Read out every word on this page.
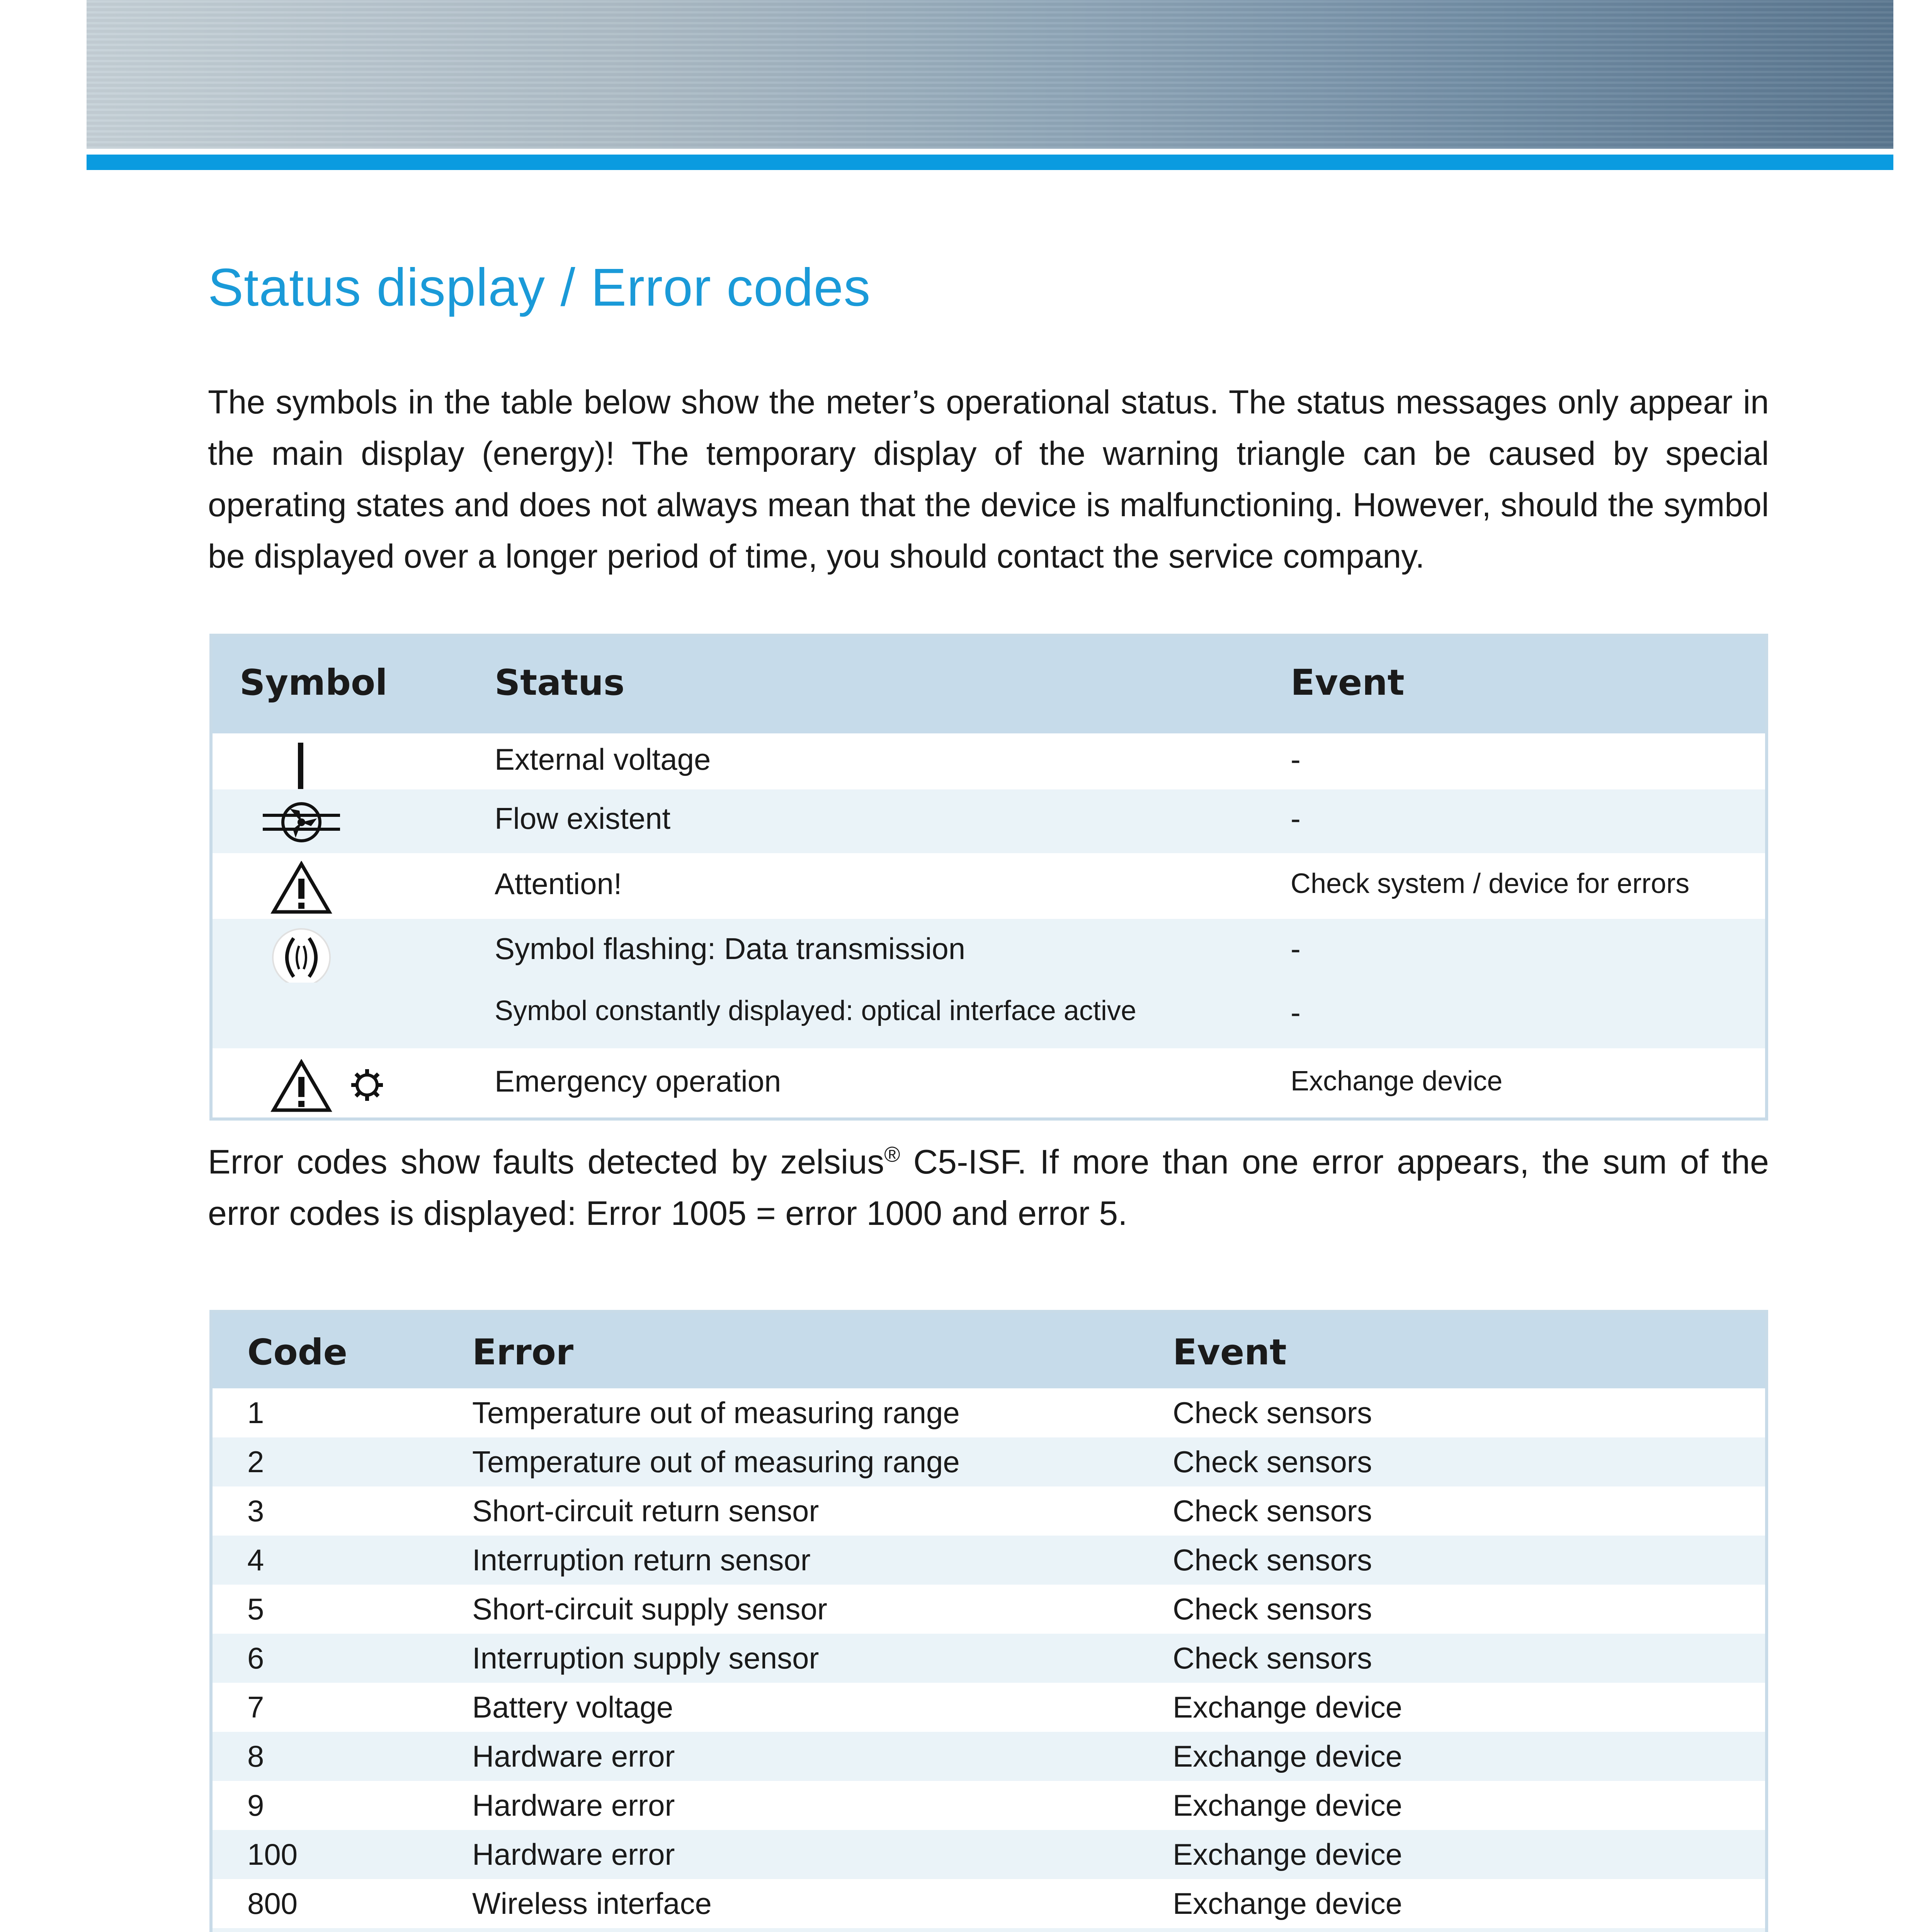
Status display / Error codes

The symbols in the table below show the meter’s operational status. The status messages only appear in the main display (energy)! The temporary display of the warning triangle can be caused by special operating states and does not always mean that the device is malfunctioning. However, should the symbol be displayed over a longer period of time, you should contact the service company.

Symbol	Status	Event
External voltage	-
Flow existent	-
Attention!	Check system / device for errors
Symbol flashing: Data transmission	-
Symbol constantly displayed: optical interface active	-
Emergency operation	Exchange device

Error codes show faults detected by zelsius® C5-ISF. If more than one error appears, the sum of the error codes is displayed: Error 1005 = error 1000 and error 5.

Code	Error	Event
1	Temperature out of measuring range	Check sensors
2	Temperature out of measuring range	Check sensors
3	Short-circuit return sensor	Check sensors
4	Interruption return sensor	Check sensors
5	Short-circuit supply sensor	Check sensors
6	Interruption supply sensor	Check sensors
7	Battery voltage	Exchange device
8	Hardware error	Exchange device
9	Hardware error	Exchange device
100	Hardware error	Exchange device
800	Wireless interface	Exchange device
